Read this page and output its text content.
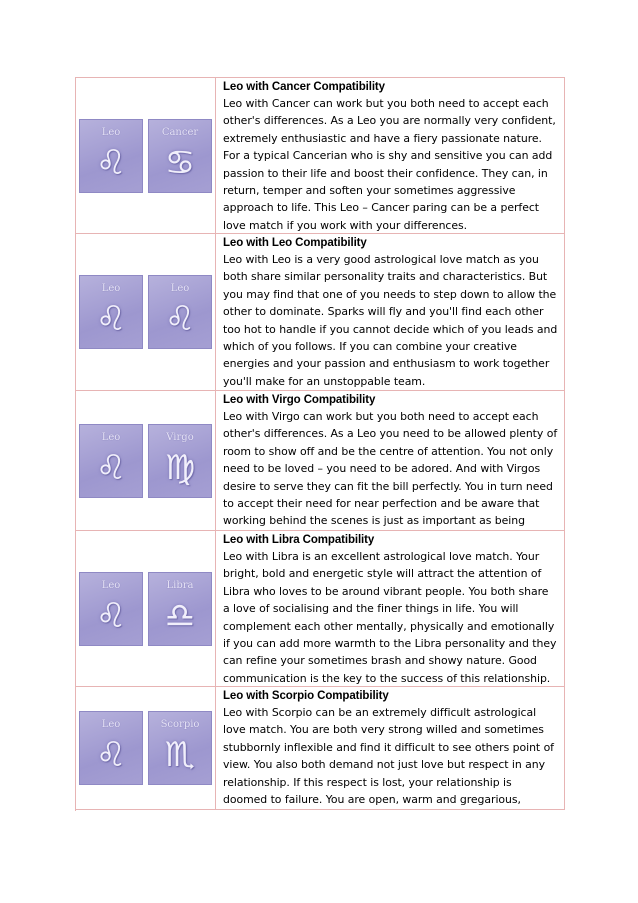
Leo
♌
Cancer
♋

Leo with Cancer Compatibility

Leo with Cancer can work but you both need to accept each other's differences. As a Leo you are normally very confident, extremely enthusiastic and have a fiery passionate nature. For a typical Cancerian who is shy and sensitive you can add passion to their life and boost their confidence. They can, in return, temper and soften your sometimes aggressive approach to life. This Leo – Cancer paring can be a perfect love match if you work with your differences.

Leo
♌
Leo
♌

Leo with Leo Compatibility

Leo with Leo is a very good astrological love match as you both share similar personality traits and characteristics. But you may find that one of you needs to step down to allow the other to dominate. Sparks will fly and you'll find each other too hot to handle if you cannot decide which of you leads and which of you follows. If you can combine your creative energies and your passion and enthusiasm to work together you'll make for an unstoppable team.

Leo
♌
Virgo
♍

Leo with Virgo Compatibility

Leo with Virgo can work but you both need to accept each other's differences. As a Leo you need to be allowed plenty of room to show off and be the centre of attention. You not only need to be loved – you need to be adored. And with Virgos desire to serve they can fit the bill perfectly. You in turn need to accept their need for near perfection and be aware that working behind the scenes is just as important as being

Leo
♌
Libra
♎

Leo with Libra Compatibility

Leo with Libra is an excellent astrological love match. Your bright, bold and energetic style will attract the attention of Libra who loves to be around vibrant people. You both share a love of socialising and the finer things in life. You will complement each other mentally, physically and emotionally if you can add more warmth to the Libra personality and they can refine your sometimes brash and showy nature. Good communication is the key to the success of this relationship.

Leo
♌
Scorpio
♏

Leo with Scorpio Compatibility

Leo with Scorpio can be an extremely difficult astrological love match. You are both very strong willed and sometimes stubbornly inflexible and find it difficult to see others point of view. You also both demand not just love but respect in any relationship. If this respect is lost, your relationship is doomed to failure. You are open, warm and gregarious,
